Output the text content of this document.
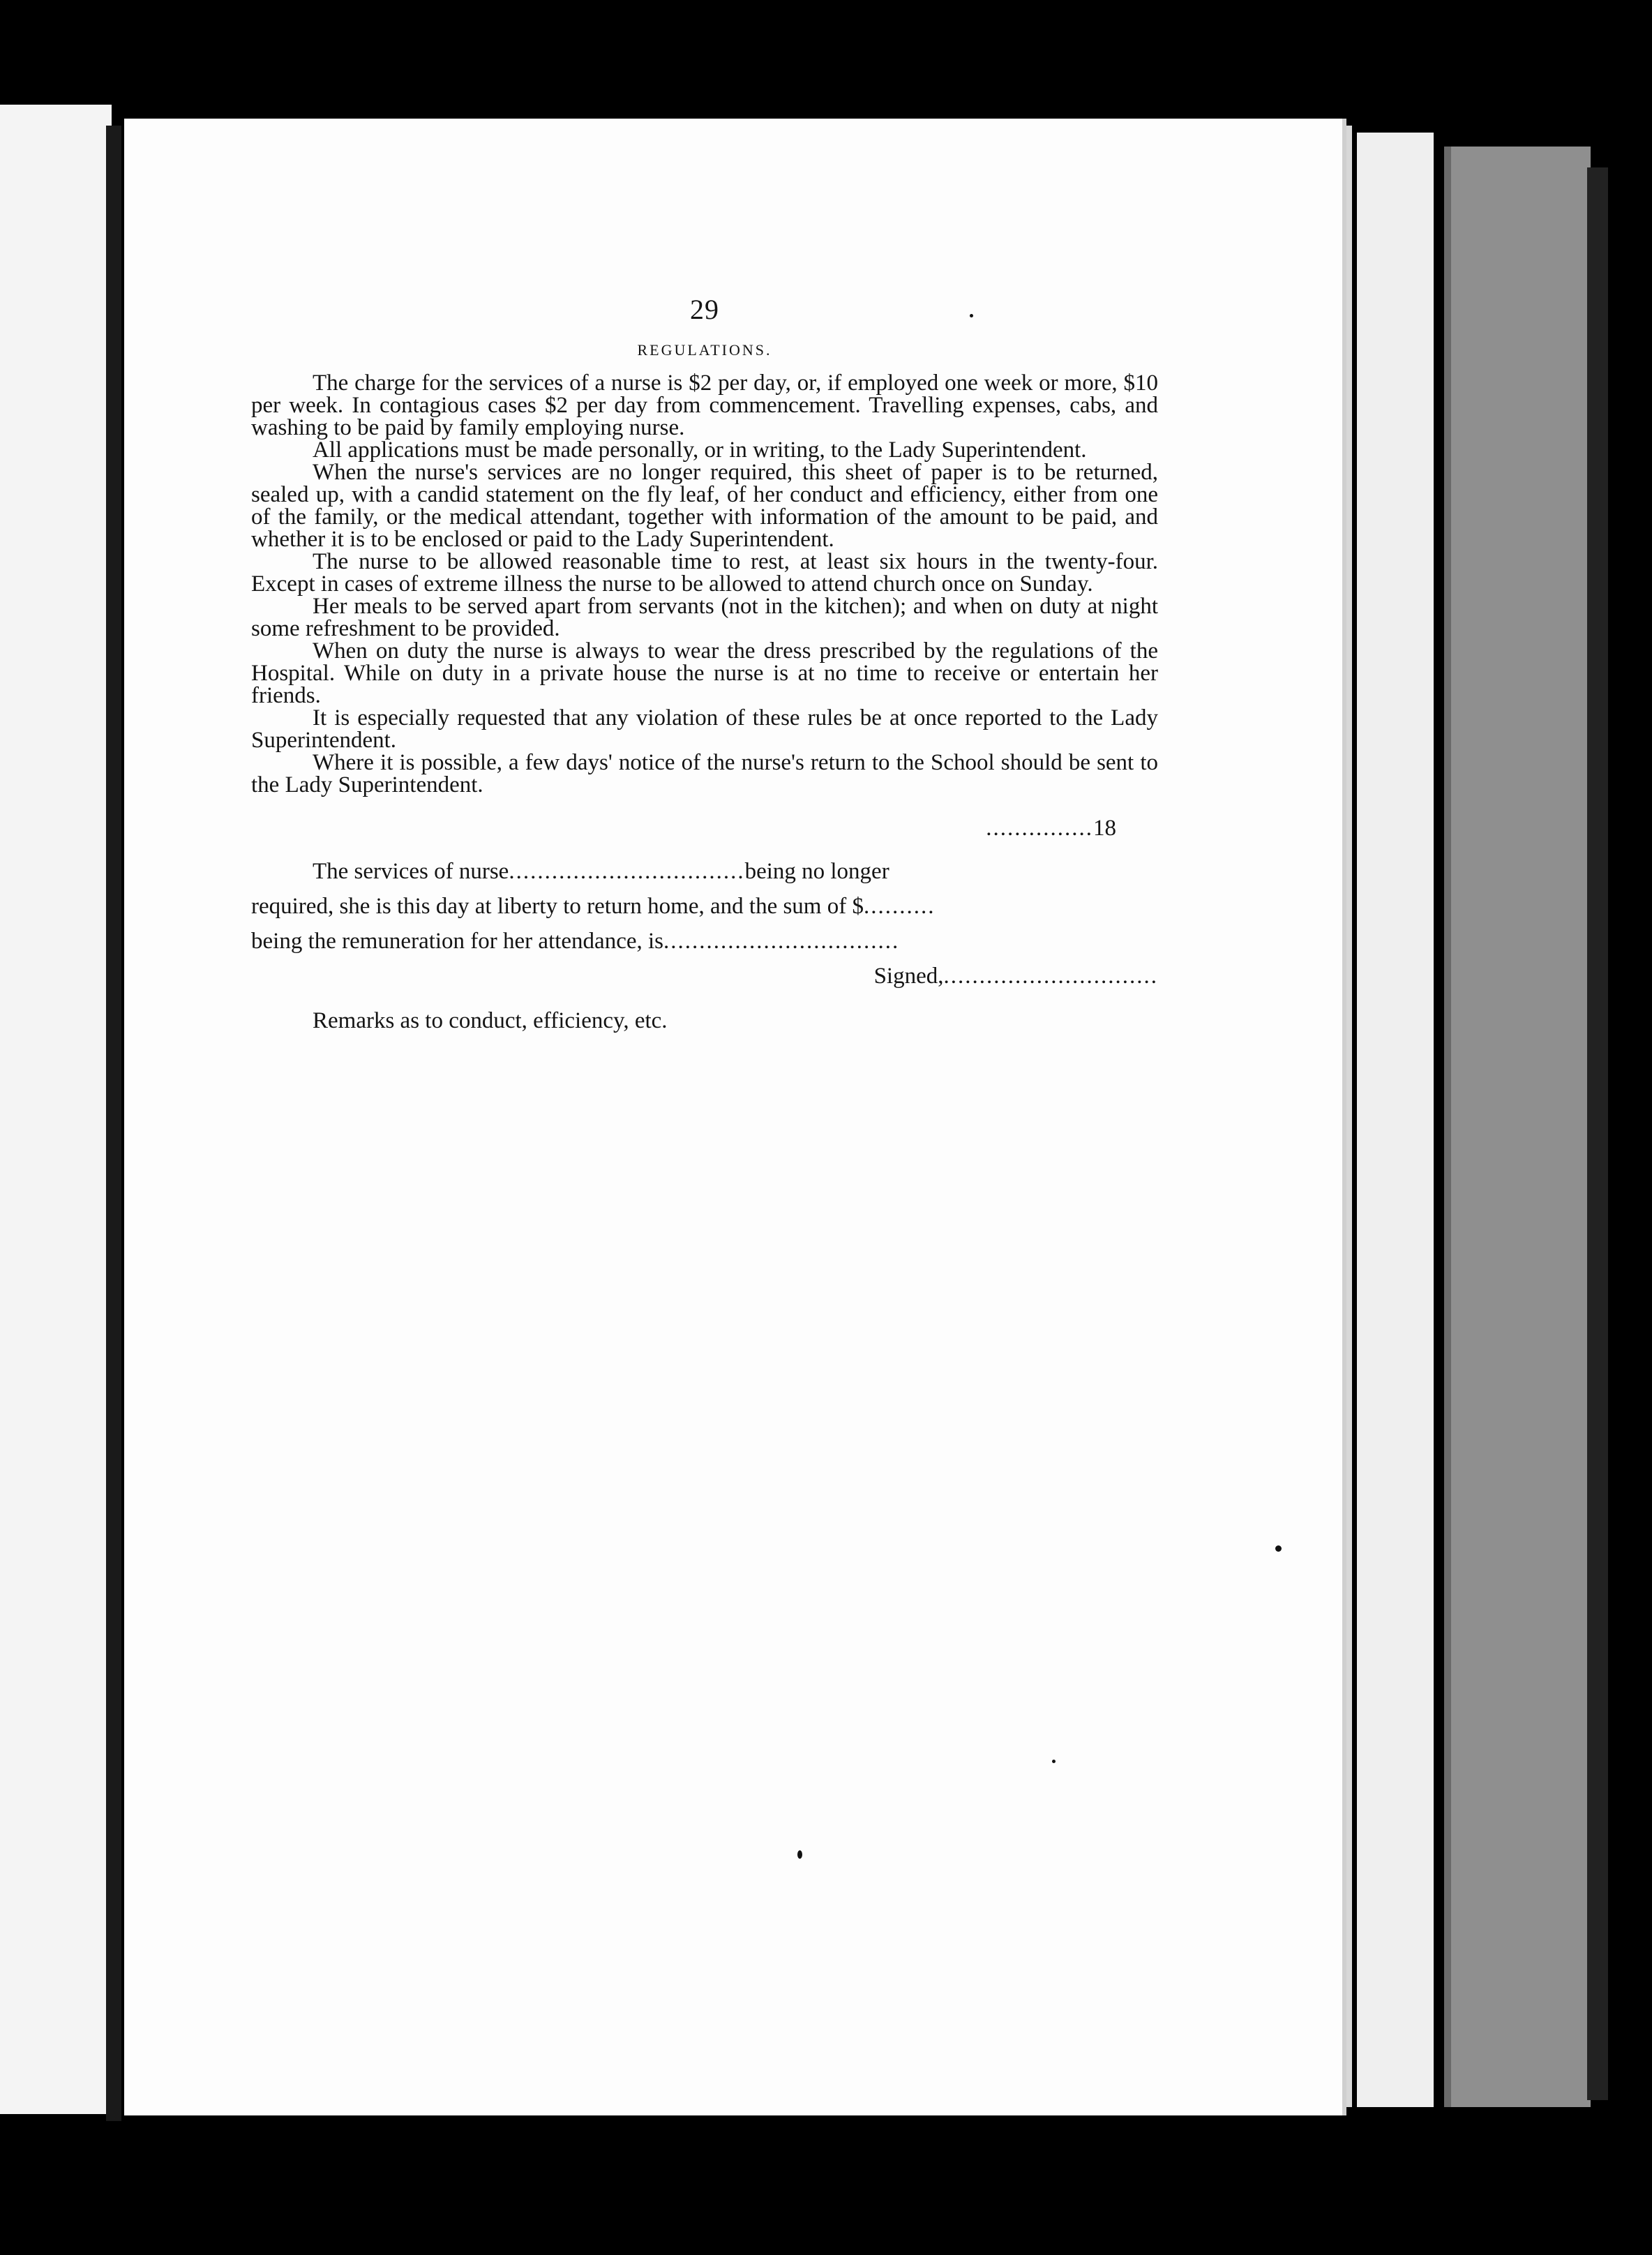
29
REGULATIONS.

The charge for the services of a nurse is $2 per day, or, if employed one week or more, $10 per week. In contagious cases $2 per day from commencement. Travelling expenses, cabs, and washing to be paid by family employing nurse.

All applications must be made personally, or in writing, to the Lady Superintendent.

When the nurse's services are no longer required, this sheet of paper is to be returned, sealed up, with a candid statement on the fly leaf, of her conduct and efficiency, either from one of the family, or the medical attendant, together with information of the amount to be paid, and whether it is to be enclosed or paid to the Lady Superintendent.

The nurse to be allowed reasonable time to rest, at least six hours in the twenty-four. Except in cases of extreme illness the nurse to be allowed to attend church once on Sunday.

Her meals to be served apart from servants (not in the kitchen); and when on duty at night some refreshment to be provided.

When on duty the nurse is always to wear the dress prescribed by the regulations of the Hospital. While on duty in a private house the nurse is at no time to receive or entertain her friends.

It is especially requested that any violation of these rules be at once reported to the Lady Superintendent.

Where it is possible, a few days' notice of the nurse's return to the School should be sent to the Lady Superintendent.

...............18

The services of nurse.................................being no longer

required, she is this day at liberty to return home, and the sum of $..........

being the remuneration for her attendance, is.................................

Signed,..............................

Remarks as to conduct, efficiency, etc.
